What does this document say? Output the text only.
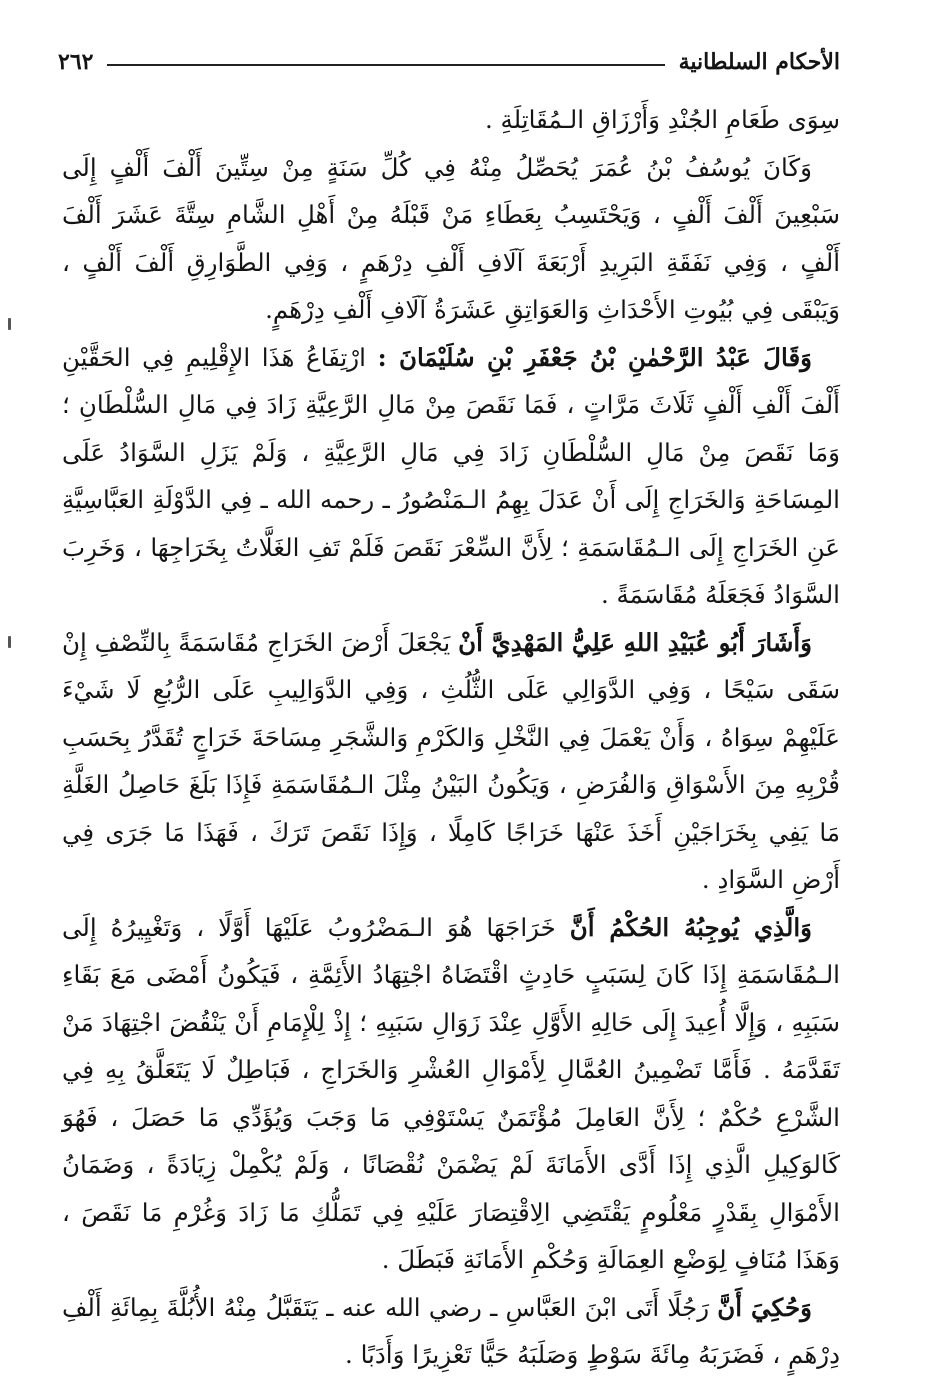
٢٦٢	الأحكام السلطانية

سِوَى طَعَامِ الجُنْدِ وَأَرْزَاقِ الـمُقَاتِلَةِ .

وَكَانَ يُوسُفُ بْنُ عُمَرَ يُحَصِّلُ مِنْهُ فِي كُلِّ سَنَةٍ مِنْ سِتِّينَ أَلْفَ أَلْفٍ إِلَى سَبْعِينَ أَلْفَ أَلْفٍ ، وَيَحْتَسِبُ بِعَطَاءِ مَنْ قَبْلَهُ مِنْ أَهْلِ الشَّامِ سِتَّةَ عَشَرَ أَلْفَ أَلْفٍ ، وَفِي نَفَقَةِ البَرِيدِ أَرْبَعَةَ آلَافِ أَلْفِ دِرْهَمٍ ، وَفِي الطَّوَارِقِ أَلْفَ أَلْفٍ ، وَيَبْقَى فِي بُيُوتِ الأَحْدَاثِ وَالعَوَاتِقِ عَشَرَةُ آلَافِ أَلْفِ دِرْهَمٍ.

وَقَالَ عَبْدُ الرَّحْمٰنِ بْنُ جَعْفَرِ بْنِ سُلَيْمَانَ : ارْتِفَاعُ هَذَا الإِقْلِيمِ فِي الحَقَّيْنِ أَلْفَ أَلْفِ أَلْفٍ ثَلَاثَ مَرَّاتٍ ، فَمَا نَقَصَ مِنْ مَالِ الرَّعِيَّةِ زَادَ فِي مَالِ السُّلْطَانِ ؛ وَمَا نَقَصَ مِنْ مَالِ السُّلْطَانِ زَادَ فِي مَالِ الرَّعِيَّةِ ، وَلَمْ يَزَلِ السَّوَادُ عَلَى المِسَاحَةِ وَالخَرَاجِ إِلَى أَنْ عَدَلَ بِهِمُ الـمَنْصُورُ ـ رحمه الله ـ فِي الدَّوْلَةِ العَبَّاسِيَّةِ عَنِ الخَرَاجِ إِلَى الـمُقَاسَمَةِ ؛ لِأَنَّ السِّعْرَ نَقَصَ فَلَمْ تَفِ الغَلَّاتُ بِخَرَاجِهَا ، وَخَرِبَ السَّوَادُ فَجَعَلَهُ مُقَاسَمَةً .

وَأَشَارَ أَبُو عُبَيْدِ اللهِ عَلِيُّ المَهْدِيَّ أَنْ يَجْعَلَ أَرْضَ الخَرَاجِ مُقَاسَمَةً بِالنِّصْفِ إِنْ سَقَى سَيْحًا ، وَفِي الدَّوَالِي عَلَى الثُّلُثِ ، وَفِي الدَّوَالِيبِ عَلَى الرُّبُعِ لَا شَيْءَ عَلَيْهِمْ سِوَاهُ ، وَأَنْ يَعْمَلَ فِي النَّخْلِ وَالكَرْمِ وَالشَّجَرِ مِسَاحَةَ خَرَاجٍ تُقَدَّرُ بِحَسَبِ قُرْبِهِ مِنَ الأَسْوَاقِ وَالفُرَضِ ، وَيَكُونُ البَيْنُ مِثْلَ الـمُقَاسَمَةِ فَإِذَا بَلَغَ حَاصِلُ الغَلَّةِ مَا يَفِي بِخَرَاجَيْنِ أَخَذَ عَنْهَا خَرَاجًا كَامِلًا ، وَإِذَا نَقَصَ تَرَكَ ، فَهَذَا مَا جَرَى فِي أَرْضِ السَّوَادِ .

وَالَّذِي يُوجِبُهُ الحُكْمُ أَنَّ خَرَاجَهَا هُوَ الـمَضْرُوبُ عَلَيْهَا أَوَّلًا ، وَتَغْيِيرُهُ إِلَى الـمُقَاسَمَةِ إِذَا كَانَ لِسَبَبٍ حَادِثٍ اقْتَضَاهُ اجْتِهَادُ الأَئِمَّةِ ، فَيَكُونُ أَمْضَى مَعَ بَقَاءِ سَبَبِهِ ، وَإِلَّا أُعِيدَ إِلَى حَالِهِ الأَوَّلِ عِنْدَ زَوَالِ سَبَبِهِ ؛ إِذْ لِلْإِمَامِ أَنْ يَنْقُضَ اجْتِهَادَ مَنْ تَقَدَّمَهُ . فَأَمَّا تَضْمِينُ العُمَّالِ لِأَمْوَالِ العُشْرِ وَالخَرَاجِ ، فَبَاطِلٌ لَا يَتَعَلَّقُ بِهِ فِي الشَّرْعِ حُكْمٌ ؛ لِأَنَّ العَامِلَ مُؤْتَمَنٌ يَسْتَوْفِي مَا وَجَبَ وَيُؤَدِّي مَا حَصَلَ ، فَهُوَ كَالوَكِيلِ الَّذِي إِذَا أَدَّى الأَمَانَةَ لَمْ يَضْمَنْ نُقْصَانًا ، وَلَمْ يُكْمِلْ زِيَادَةً ، وَضَمَانُ الأَمْوَالِ بِقَدْرٍ مَعْلُومٍ يَقْتَضِي الِاقْتِصَارَ عَلَيْهِ فِي تَمَلُّكِ مَا زَادَ وَغُرْمِ مَا نَقَصَ ، وَهَذَا مُنَافٍ لِوَضْعِ العِمَالَةِ وَحُكْمِ الأَمَانَةِ فَبَطَلَ .

وَحُكِيَ أَنَّ رَجُلًا أَتَى ابْنَ العَبَّاسِ ـ رضي الله عنه ـ يَتَقَبَّلُ مِنْهُ الأُبُلَّةَ بِمِائَةِ أَلْفِ دِرْهَمٍ ، فَضَرَبَهُ مِائَةَ سَوْطٍ وَصَلَبَهُ حَيًّا تَعْزِيرًا وَأَدَبًا .
